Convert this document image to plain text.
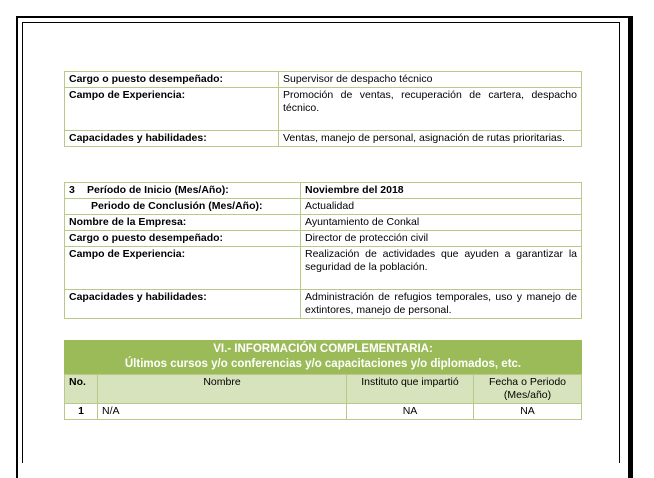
Cargo o puesto desempeñado:	Supervisor de despacho técnico
Campo de Experiencia:	Promoción de ventas, recuperación de cartera, despacho técnico.
Capacidades y habilidades:	Ventas, manejo de personal, asignación de rutas prioritarias.
3 Período de Inicio (Mes/Año):	Noviembre del 2018
Periodo de Conclusión (Mes/Año):	Actualidad
Nombre de la Empresa:	Ayuntamiento de Conkal
Cargo o puesto desempeñado:	Director de protección civil
Campo de Experiencia:	Realización de actividades que ayuden a garantizar la seguridad de la población.
Capacidades y habilidades:	Administración de refugios temporales, uso y manejo de extintores, manejo de personal.
VI.- INFORMACIÓN COMPLEMENTARIA:
Últimos cursos y/o conferencias y/o capacitaciones y/o diplomados, etc.
No.	Nombre	Instituto que impartió	Fecha o Periodo (Mes/año)
1	N/A	NA	NA
